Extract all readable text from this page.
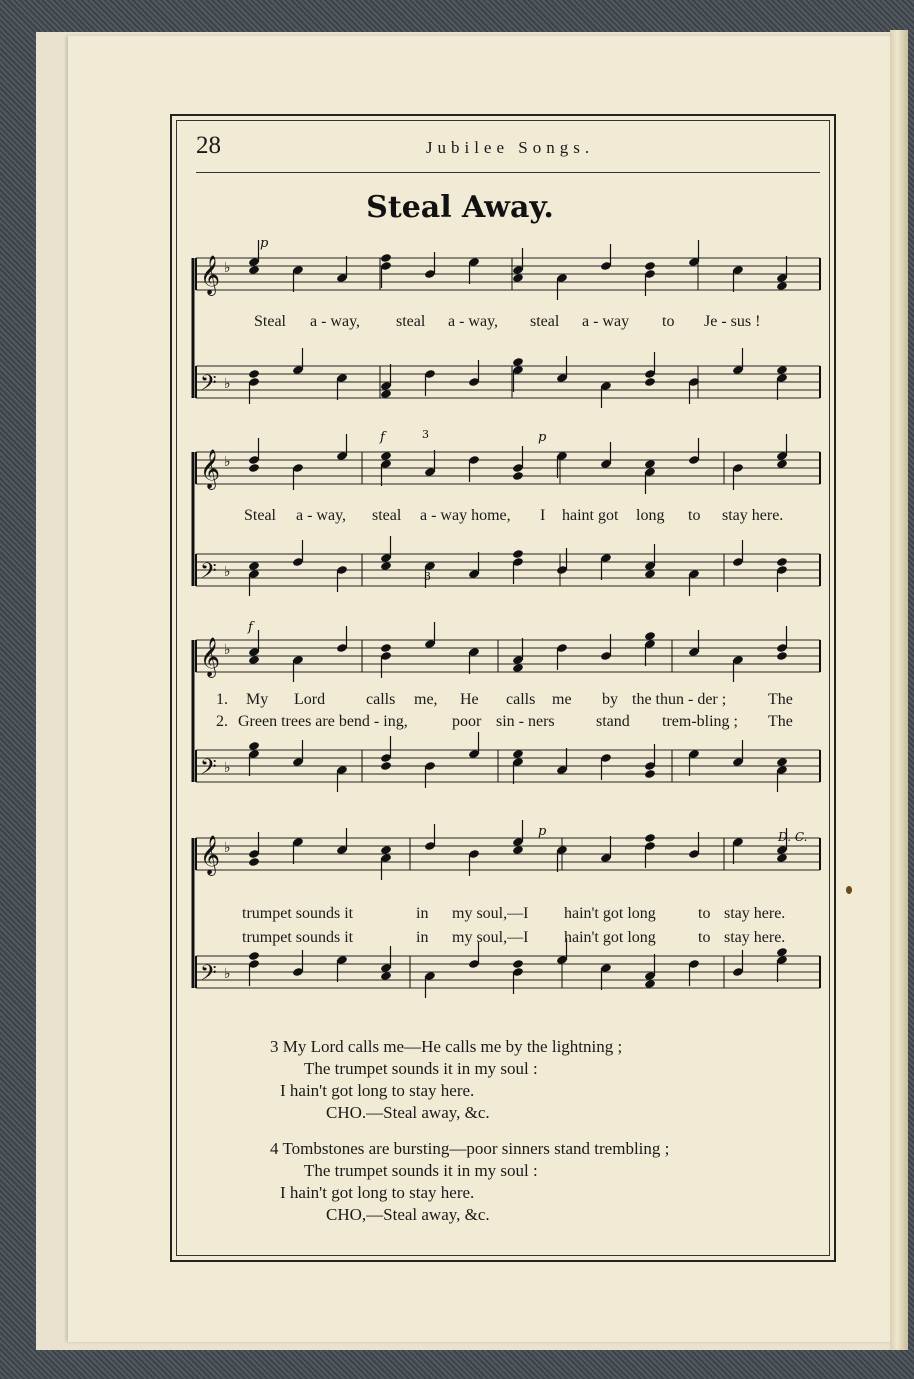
28	Jubilee Songs.
Steal Away.
𝄞 ♭
𝄢 ♭
𝄞 ♭
𝄢 ♭
𝄞 ♭
𝄢 ♭
𝄞 ♭
𝄢 ♭
Steal a - way, steal a - way, steal a - way to Je - sus !
p
Steal a - way, steal a - way home, I haint got long to stay here.
f	3	p
3
1. My Lord	calls me, He calls me by the thun - der ;	The
2. Green trees are bend - ing,	poor sin - ners	stand trem-bling ; The
f
trumpet sounds it	in my soul,—I hain't got long	to stay here.
trumpet sounds it	in my soul,—I hain't got long	to stay here.
p	D. C.
3 My Lord calls me—He calls me by the lightning ;
The trumpet sounds it in my soul :
I hain't got long to stay here.
CHO.—Steal away, &c.
4 Tombstones are bursting—poor sinners stand trembling ;
The trumpet sounds it in my soul :
I hain't got long to stay here.
CHO,—Steal away, &c.
